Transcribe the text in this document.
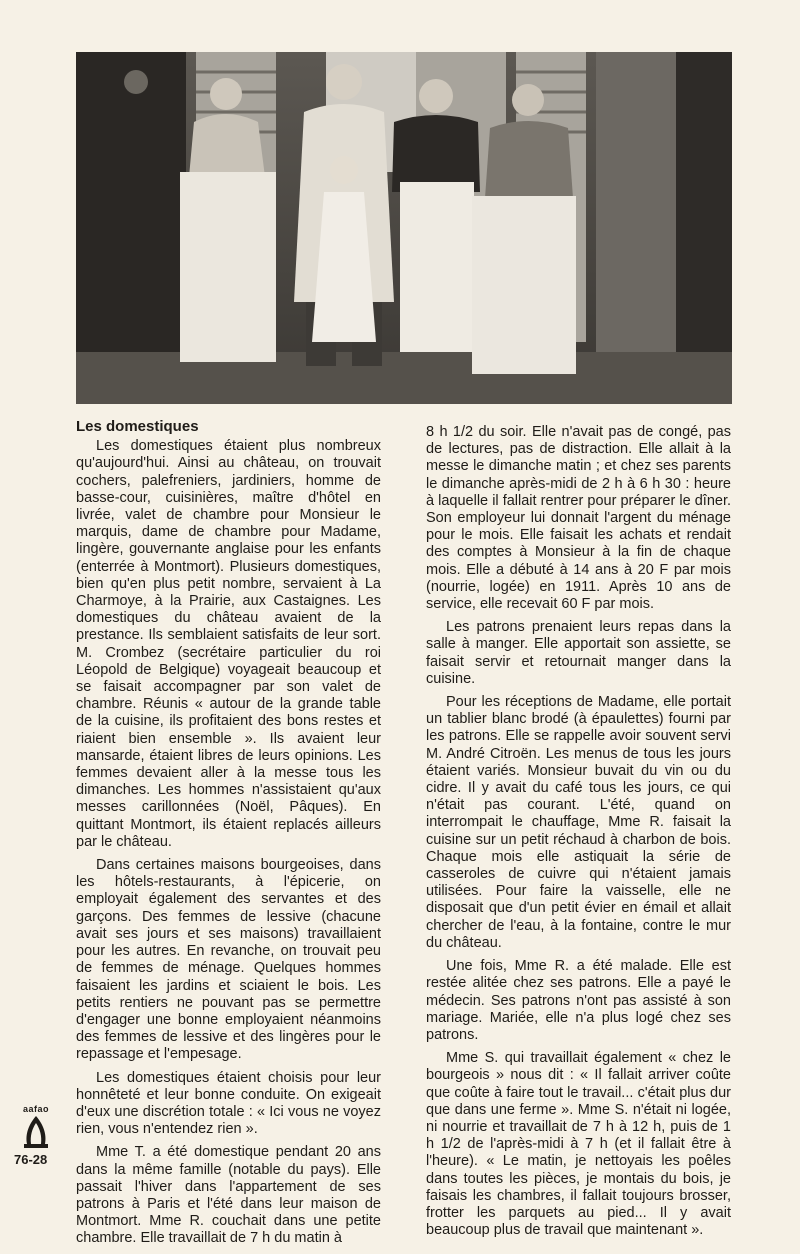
Les domestiques

Les domestiques étaient plus nombreux qu'aujourd'hui. Ainsi au château, on trouvait cochers, palefreniers, jardiniers, homme de basse-cour, cuisinières, maître d'hôtel en livrée, valet de chambre pour Monsieur le marquis, dame de chambre pour Madame, lingère, gouvernante anglaise pour les enfants (enterrée à Montmort). Plusieurs domestiques, bien qu'en plus petit nombre, servaient à La Charmoye, à la Prairie, aux Castaignes. Les domestiques du château avaient de la prestance. Ils semblaient satisfaits de leur sort. M. Crombez (secrétaire particulier du roi Léopold de Belgique) voyageait beaucoup et se faisait accompagner par son valet de chambre. Réunis « autour de la grande table de la cuisine, ils profitaient des bons restes et riaient bien ensemble ». Ils avaient leur mansarde, étaient libres de leurs opinions. Les femmes devaient aller à la messe tous les dimanches. Les hommes n'assistaient qu'aux messes carillonnées (Noël, Pâques). En quittant Montmort, ils étaient replacés ailleurs par le château.

Dans certaines maisons bourgeoises, dans les hôtels-restaurants, à l'épicerie, on employait également des servantes et des garçons. Des femmes de lessive (chacune avait ses jours et ses maisons) travaillaient pour les autres. En revanche, on trouvait peu de femmes de ménage. Quelques hommes faisaient les jardins et sciaient le bois. Les petits rentiers ne pouvant pas se permettre d'engager une bonne employaient néanmoins des femmes de lessive et des lingères pour le repassage et l'empesage.

Les domestiques étaient choisis pour leur honnêteté et leur bonne conduite. On exigeait d'eux une discrétion totale : « Ici vous ne voyez rien, vous n'entendez rien ».

Mme T. a été domestique pendant 20 ans dans la même famille (notable du pays). Elle passait l'hiver dans l'appartement de ses patrons à Paris et l'été dans leur maison de Montmort. Mme R. couchait dans une petite chambre. Elle travaillait de 7 h du matin à

8 h 1/2 du soir. Elle n'avait pas de congé, pas de lectures, pas de distraction. Elle allait à la messe le dimanche matin ; et chez ses parents le dimanche après-midi de 2 h à 6 h 30 : heure à laquelle il fallait rentrer pour préparer le dîner. Son employeur lui donnait l'argent du ménage pour le mois. Elle faisait les achats et rendait des comptes à Monsieur à la fin de chaque mois. Elle a débuté à 14 ans à 20 F par mois (nourrie, logée) en 1911. Après 10 ans de service, elle recevait 60 F par mois.

Les patrons prenaient leurs repas dans la salle à manger. Elle apportait son assiette, se faisait servir et retournait manger dans la cuisine.

Pour les réceptions de Madame, elle portait un tablier blanc brodé (à épaulettes) fourni par les patrons. Elle se rappelle avoir souvent servi M. André Citroën. Les menus de tous les jours étaient variés. Monsieur buvait du vin ou du cidre. Il y avait du café tous les jours, ce qui n'était pas courant. L'été, quand on interrompait le chauffage, Mme R. faisait la cuisine sur un petit réchaud à charbon de bois. Chaque mois elle astiquait la série de casseroles de cuivre qui n'étaient jamais utilisées. Pour faire la vaisselle, elle ne disposait que d'un petit évier en émail et allait chercher de l'eau, à la fontaine, contre le mur du château.

Une fois, Mme R. a été malade. Elle est restée alitée chez ses patrons. Elle a payé le médecin. Ses patrons n'ont pas assisté à son mariage. Mariée, elle n'a plus logé chez ses patrons.

Mme S. qui travaillait également « chez le bourgeois » nous dit : « Il fallait arriver coûte que coûte à faire tout le travail... c'était plus dur que dans une ferme ». Mme S. n'était ni logée, ni nourrie et travaillait de 7 h à 12 h, puis de 1 h 1/2 de l'après-midi à 7 h (et il fallait être à l'heure). « Le matin, je nettoyais les poêles dans toutes les pièces, je montais du bois, je faisais les chambres, il fallait toujours brosser, frotter les parquets au pied... Il y avait beaucoup plus de travail que maintenant ».

aafao
76-28
